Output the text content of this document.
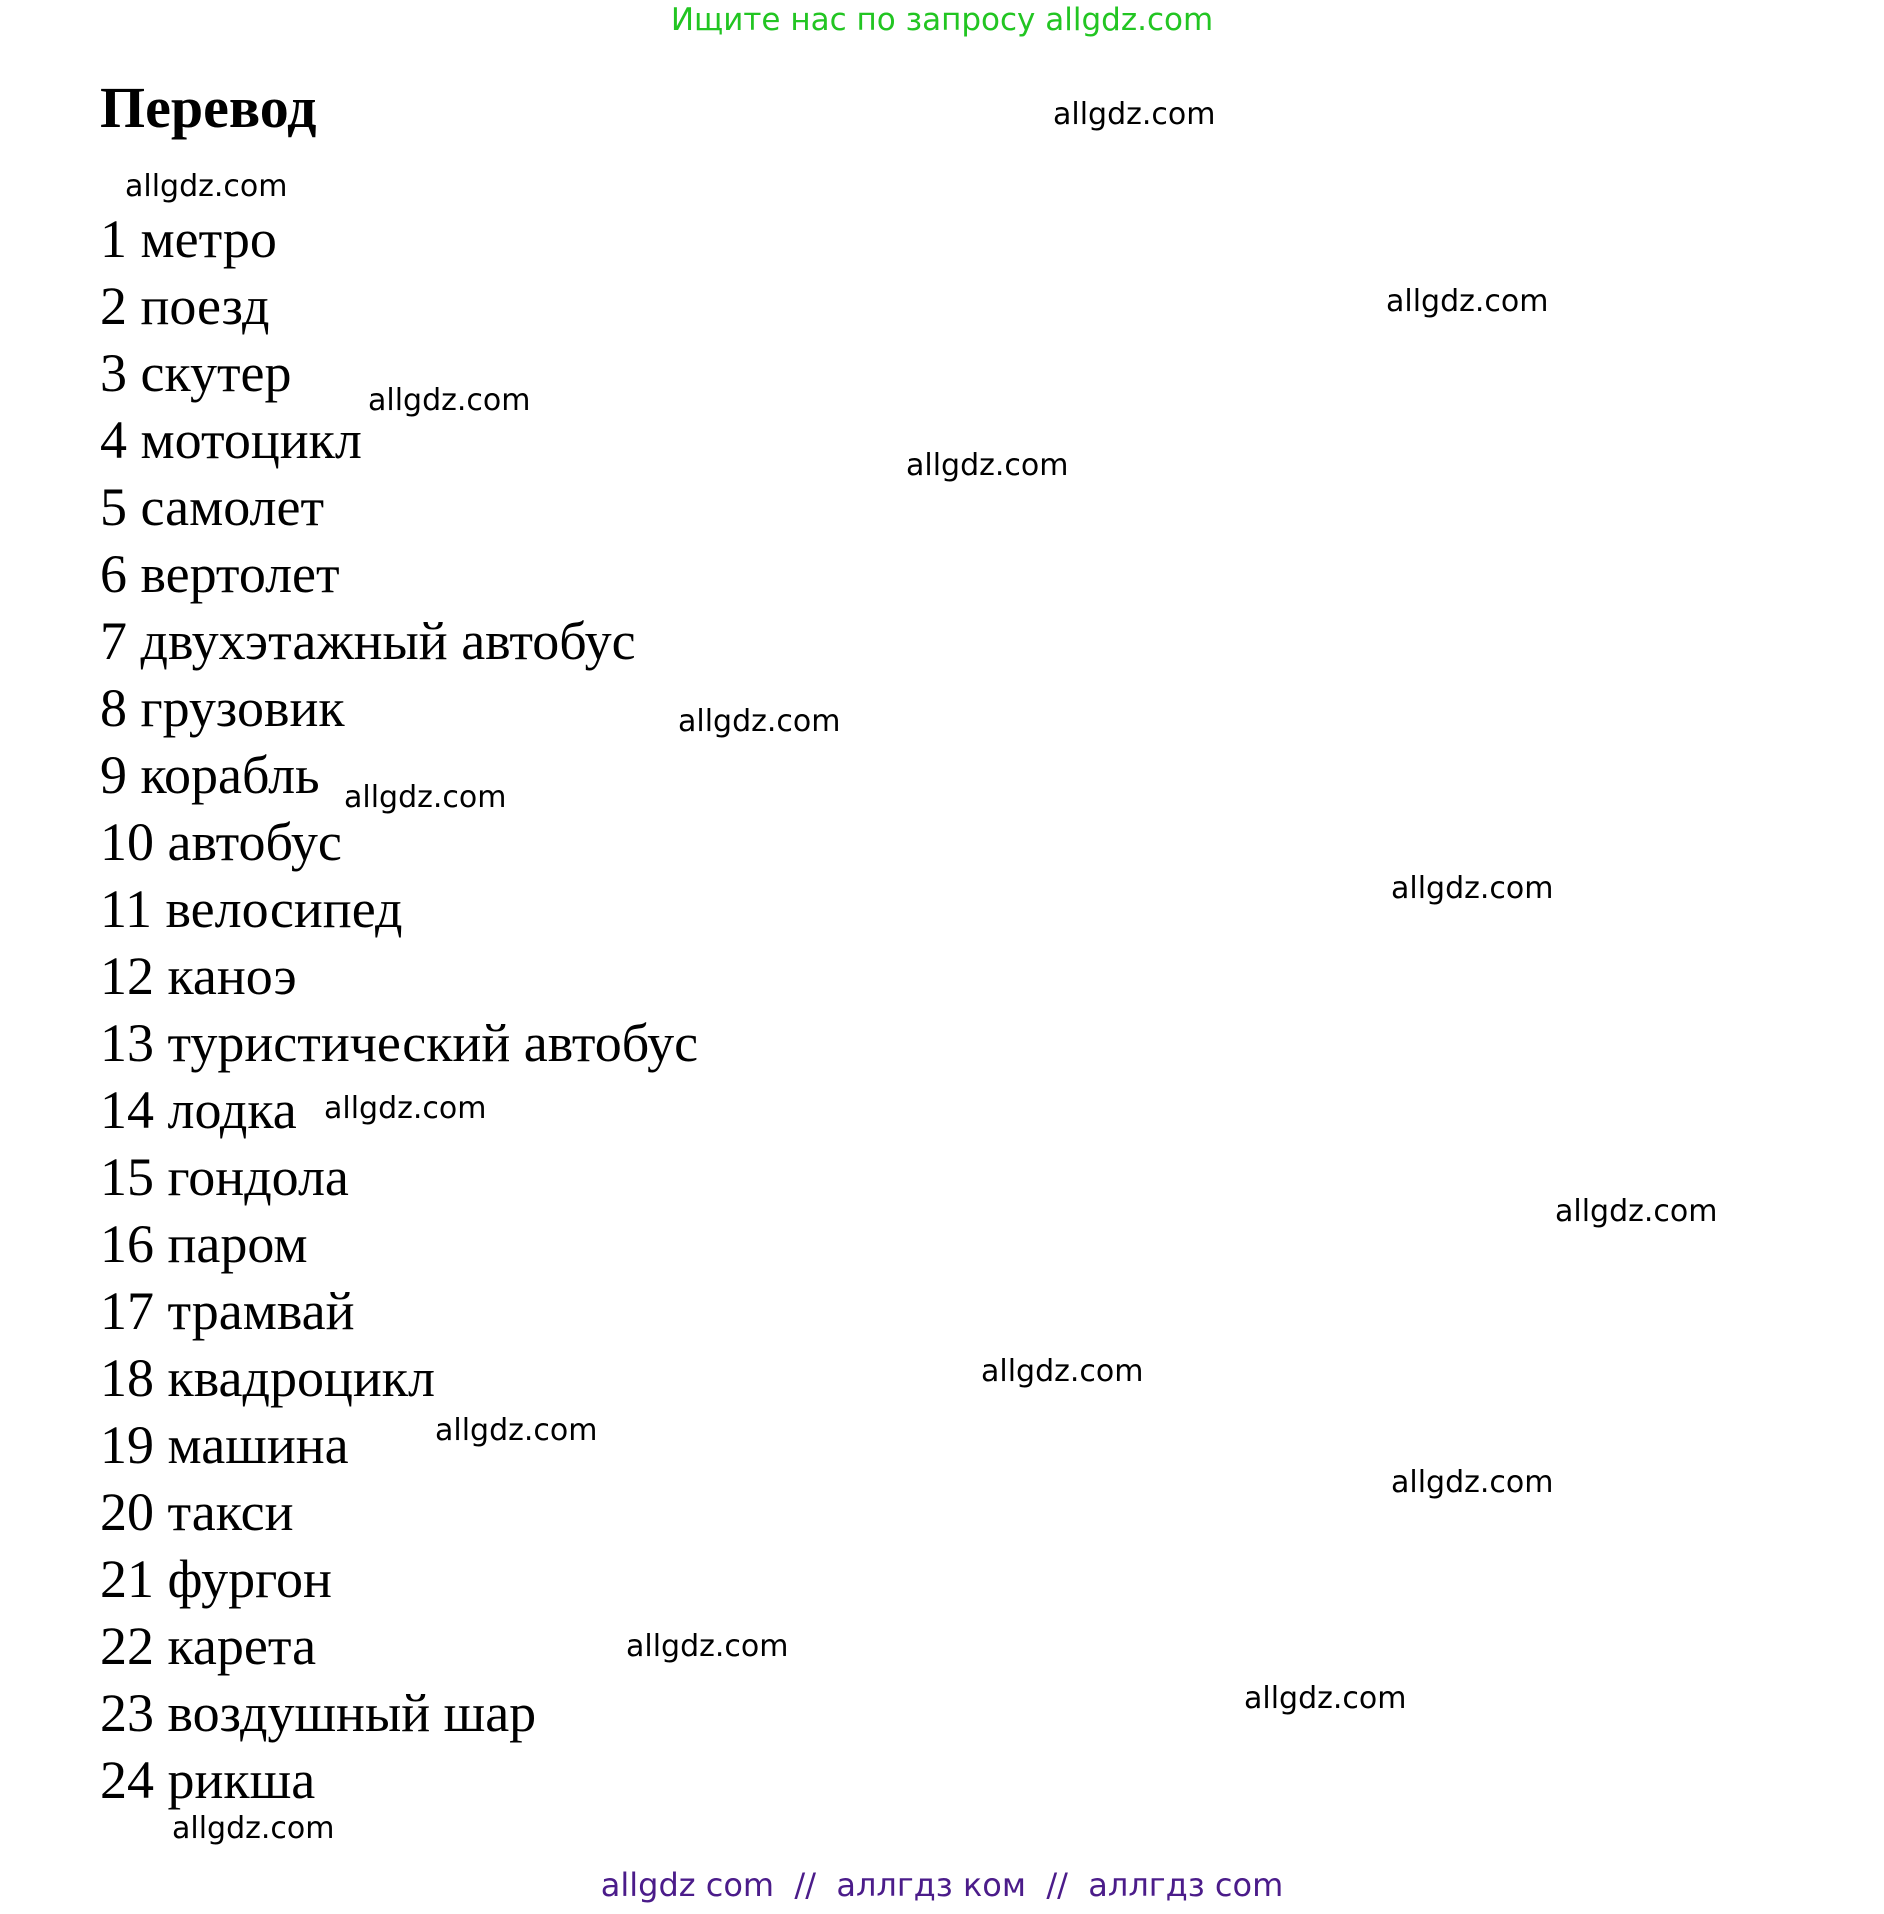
Ищите нас по запросу allgdz.com
Перевод
1 метро
2 поезд
3 скутер
4 мотоцикл
5 самолет
6 вертолет
7 двухэтажный автобус
8 грузовик
9 корабль
10 автобус
11 велосипед
12 каноэ
13 туристический автобус
14 лодка
15 гондола
16 паром
17 трамвай
18 квадроцикл
19 машина
20 такси
21 фургон
22 карета
23 воздушный шар
24 рикша
allgdz.com
allgdz.com
allgdz.com
allgdz.com
allgdz.com
allgdz.com
allgdz.com
allgdz.com
allgdz.com
allgdz.com
allgdz.com
allgdz.com
allgdz.com
allgdz.com
allgdz.com
allgdz.com
allgdz com  //  аллгдз ком  //  аллгдз com
